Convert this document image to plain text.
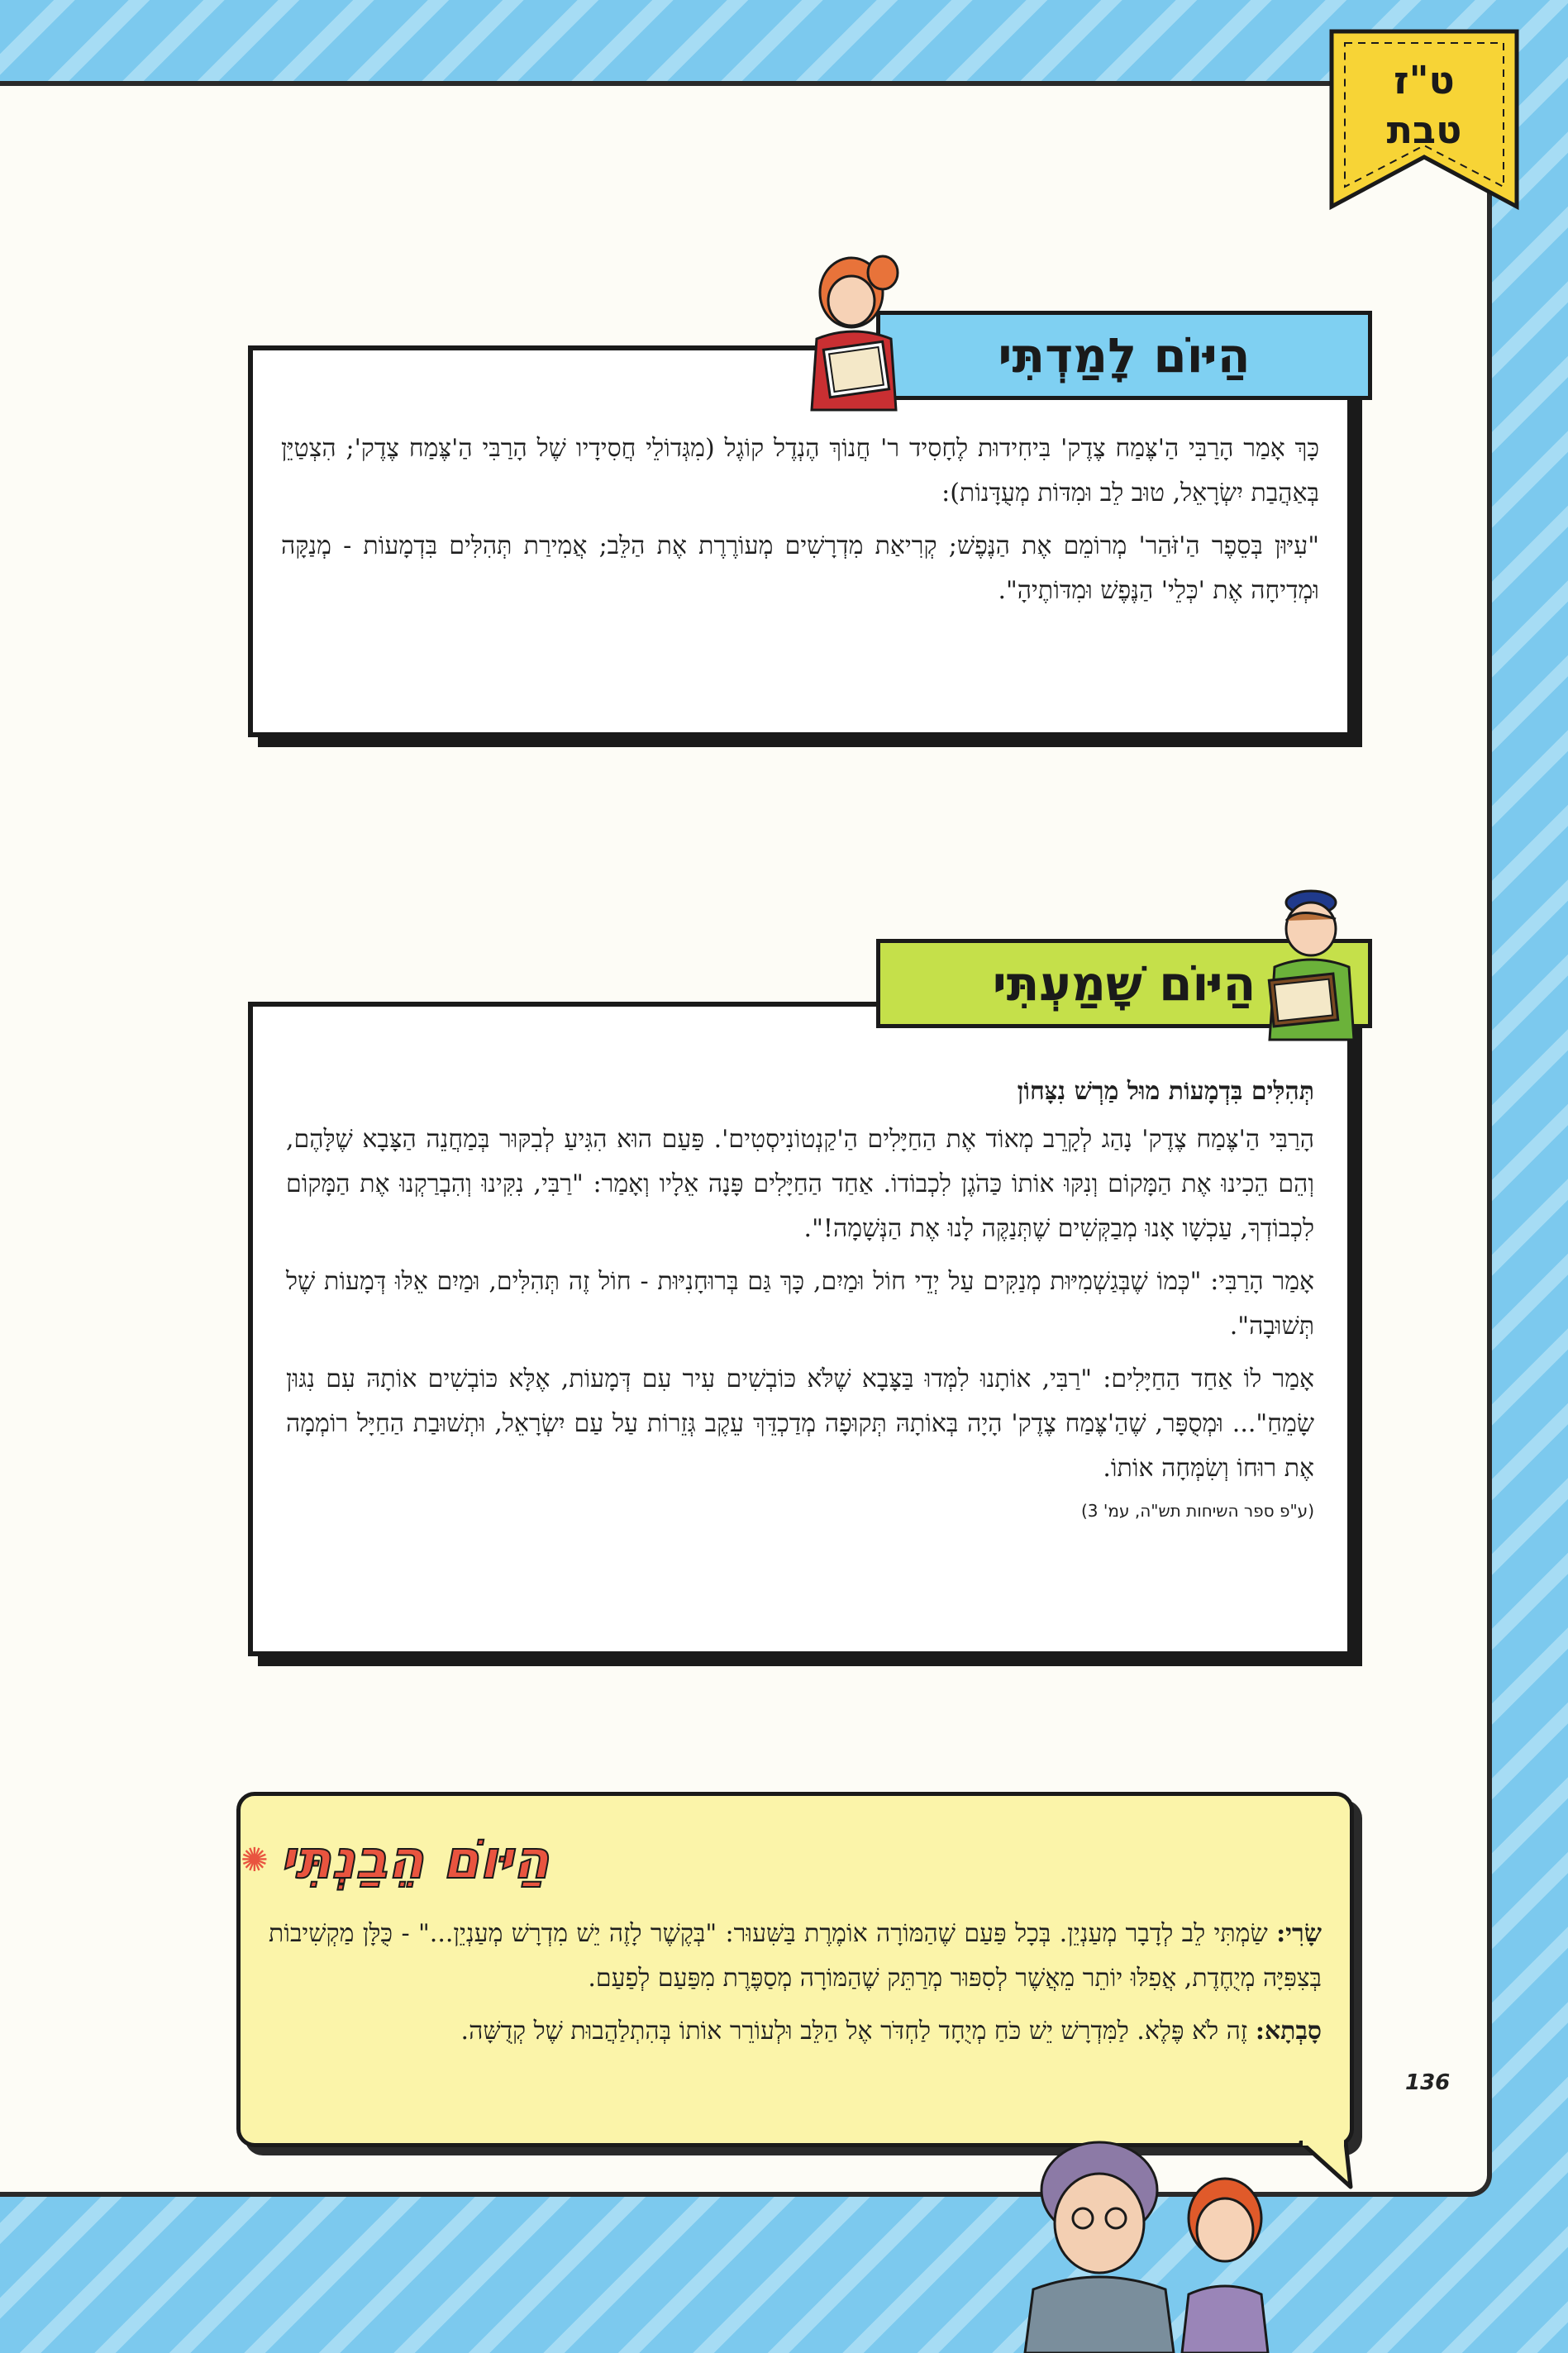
ט"ז
טבת

כָּךְ אָמַר הָרַבִּי הַ'צֶּמַח צֶדֶק' בִּיחִידוּת לֶחָסִיד ר' חֲנוֹךְ הֶנְדֶל קוֹגֶל (מִגְּדוֹלֵי חֲסִידָיו שֶׁל הָרַבִּי הַ'צֶּמַח צֶדֶק'; הִצְטַיֵּן בְּאַהֲבַת יִשְׂרָאֵל, טוּב לֵב וּמִדּוֹת מְעֻדָּנוֹת):

"עִיּוּן בְּסֵפֶר הַ'זֹּהַר' מְרוֹמֵם אֶת הַנֶּפֶשׁ; קְרִיאַת מִדְרָשִׁים מְעוֹרֶרֶת אֶת הַלֵּב; אֲמִירַת תְּהִלִּים בִּדְמָעוֹת - מְנַקָּה וּמְדִיחָה אֶת 'כְּלֵי' הַנֶּפֶשׁ וּמִדּוֹתֶיהָ".

הַיּוֹם לָמַדְתִּי

תְּהִלִּים בִּדְמָעוֹת מוּל מַרְשׁ נִצָּחוֹן

הָרַבִּי הַ'צֶּמַח צֶדֶק' נָהַג לְקָרֵב מְאוֹד אֶת הַחַיָּלִים הַ'קַנְטוֹנִיסְטִים'. פַּעַם הוּא הִגִּיעַ לְבִקּוּר בְּמַחֲנֵה הַצָּבָא שֶׁלָּהֶם, וְהֵם הֵכִינוּ אֶת הַמָּקוֹם וְנִקּוּ אוֹתוֹ כַּהֹגֶן לִכְבוֹדוֹ. אַחַד הַחַיָּלִים פָּנָה אֵלָיו וְאָמַר: "רַבִּי, נִקִּינוּ וְהִבְרַקְנוּ אֶת הַמָּקוֹם לִכְבוֹדְךָ, עַכְשָׁו אָנוּ מְבַקְּשִׁים שֶׁתְּנַקֶּה לָנוּ אֶת הַנְּשָׁמָה!".

אָמַר הָרַבִּי: "כְּמוֹ שֶׁבְּגַשְׁמִיּוּת מְנַקִּים עַל יְדֵי חוֹל וּמַיִם, כָּךְ גַּם בְּרוּחָנִיּוּת - חוֹל זֶה תְּהִלִּים, וּמַיִם אֵלּוּ דְּמָעוֹת שֶׁל תְּשׁוּבָה".

אָמַר לוֹ אַחַד הַחַיָּלִים: "רַבִּי, אוֹתָנוּ לִמְּדוּ בַּצָּבָא שֶׁלֹּא כּוֹבְשִׁים עִיר עִם דְּמָעוֹת, אֶלָּא כּוֹבְשִׁים אוֹתָהּ עִם נִגּוּן שָׂמֵחַ"... וּמְסֻפָּר, שֶׁהַ'צֶּמַח צֶדֶק' הָיָה בְּאוֹתָהּ תְּקוּפָה מְדַכְדֵּךְ עֵקֶב גְּזֵרוֹת עַל עַם יִשְׂרָאֵל, וּתְשׁוּבַת הַחַיָּל רוֹמְמָה אֶת רוּחוֹ וְשִׂמְּחָה אוֹתוֹ.

(ע"פ ספר השיחות תש"ה, עמ' 3)
הַיּוֹם שָׁמַעְתִּי
הַיּוֹם הֵבַנְתִּי
✺

שָׂרִי: שַׂמְתִּי לֵב לְדָבָר מְעַנְיֵן. בְּכָל פַּעַם שֶׁהַמּוֹרָה אוֹמֶרֶת בַּשִּׁעוּר: "בְּקֶשֶׁר לָזֶה יֵשׁ מִדְרָשׁ מְעַנְיֵן..." - כֻּלָּן מַקְשִׁיבוֹת בְּצִפִּיָּה מְיֻחֶדֶת, אֲפִלּוּ יוֹתֵר מֵאֲשֶׁר לְסִפּוּר מְרַתֵּק שֶׁהַמּוֹרָה מְסַפֶּרֶת מִפַּעַם לְפַעַם.

סָבְתָא: זֶה לֹא פֶּלֶא. לַמִּדְרָשׁ יֵשׁ כֹּחַ מְיֻחָד לַחְדֹּר אֶל הַלֵּב וּלְעוֹרֵר אוֹתוֹ בְּהִתְלַהֲבוּת שֶׁל קְדֻשָּׁה.

136
